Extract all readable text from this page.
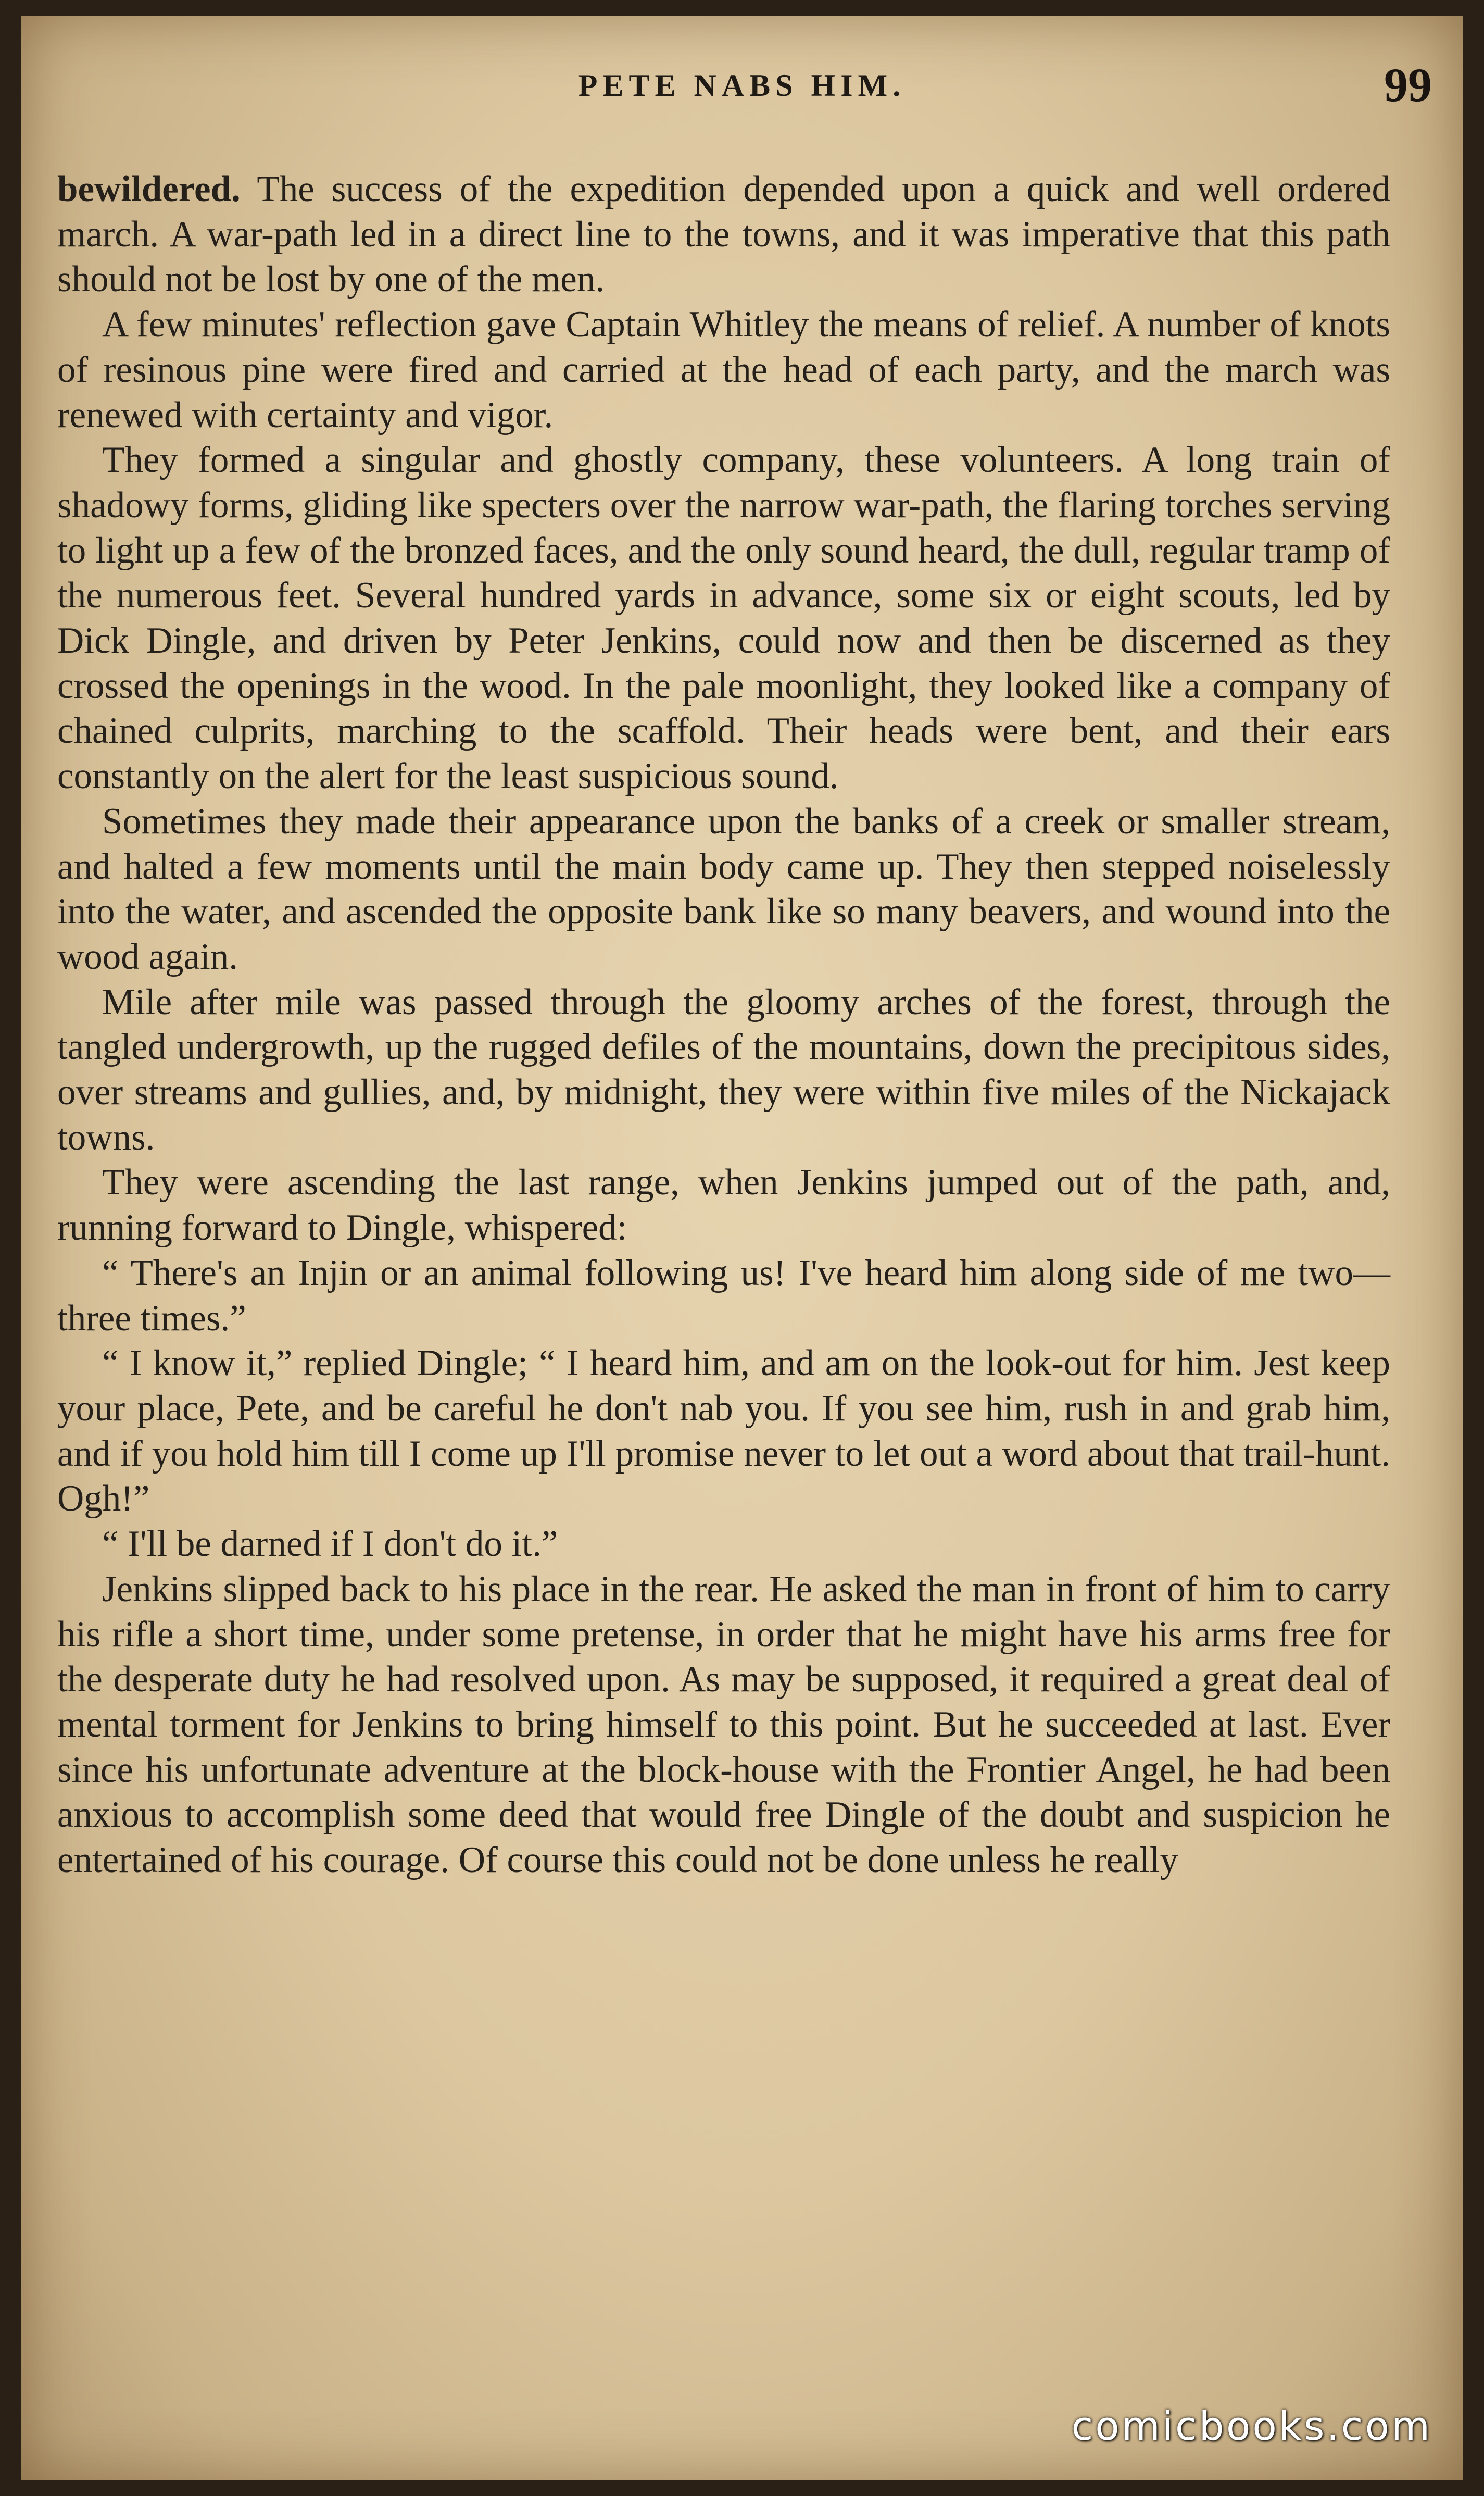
PETE NABS HIM.	99

bewildered. The success of the expedition depended upon a quick and well ordered march. A war-path led in a direct line to the towns, and it was imperative that this path should not be lost by one of the men.

A few minutes' reflection gave Captain Whitley the means of relief. A number of knots of resinous pine were fired and carried at the head of each party, and the march was renewed with certainty and vigor.

They formed a singular and ghostly company, these volunteers. A long train of shadowy forms, gliding like specters over the narrow war-path, the flaring torches serving to light up a few of the bronzed faces, and the only sound heard, the dull, regular tramp of the numerous feet. Several hundred yards in advance, some six or eight scouts, led by Dick Dingle, and driven by Peter Jenkins, could now and then be discerned as they crossed the openings in the wood. In the pale moonlight, they looked like a company of chained culprits, marching to the scaffold. Their heads were bent, and their ears constantly on the alert for the least suspicious sound.

Sometimes they made their appearance upon the banks of a creek or smaller stream, and halted a few moments until the main body came up. They then stepped noiselessly into the water, and ascended the opposite bank like so many beavers, and wound into the wood again.

Mile after mile was passed through the gloomy arches of the forest, through the tangled undergrowth, up the rugged defiles of the mountains, down the precipitous sides, over streams and gullies, and, by midnight, they were within five miles of the Nickajack towns.

They were ascending the last range, when Jenkins jumped out of the path, and, running forward to Dingle, whispered:

“ There's an Injin or an animal following us! I've heard him along side of me two—three times.”

“ I know it,” replied Dingle; “ I heard him, and am on the look-out for him. Jest keep your place, Pete, and be careful he don't nab you. If you see him, rush in and grab him, and if you hold him till I come up I'll promise never to let out a word about that trail-hunt. Ogh!”

“ I'll be darned if I don't do it.”

Jenkins slipped back to his place in the rear. He asked the man in front of him to carry his rifle a short time, under some pretense, in order that he might have his arms free for the desperate duty he had resolved upon. As may be supposed, it required a great deal of mental torment for Jenkins to bring himself to this point. But he succeeded at last. Ever since his unfortunate adventure at the block-house with the Frontier Angel, he had been anxious to accomplish some deed that would free Dingle of the doubt and suspicion he entertained of his courage. Of course this could not be done unless he really

comicbooks.com
